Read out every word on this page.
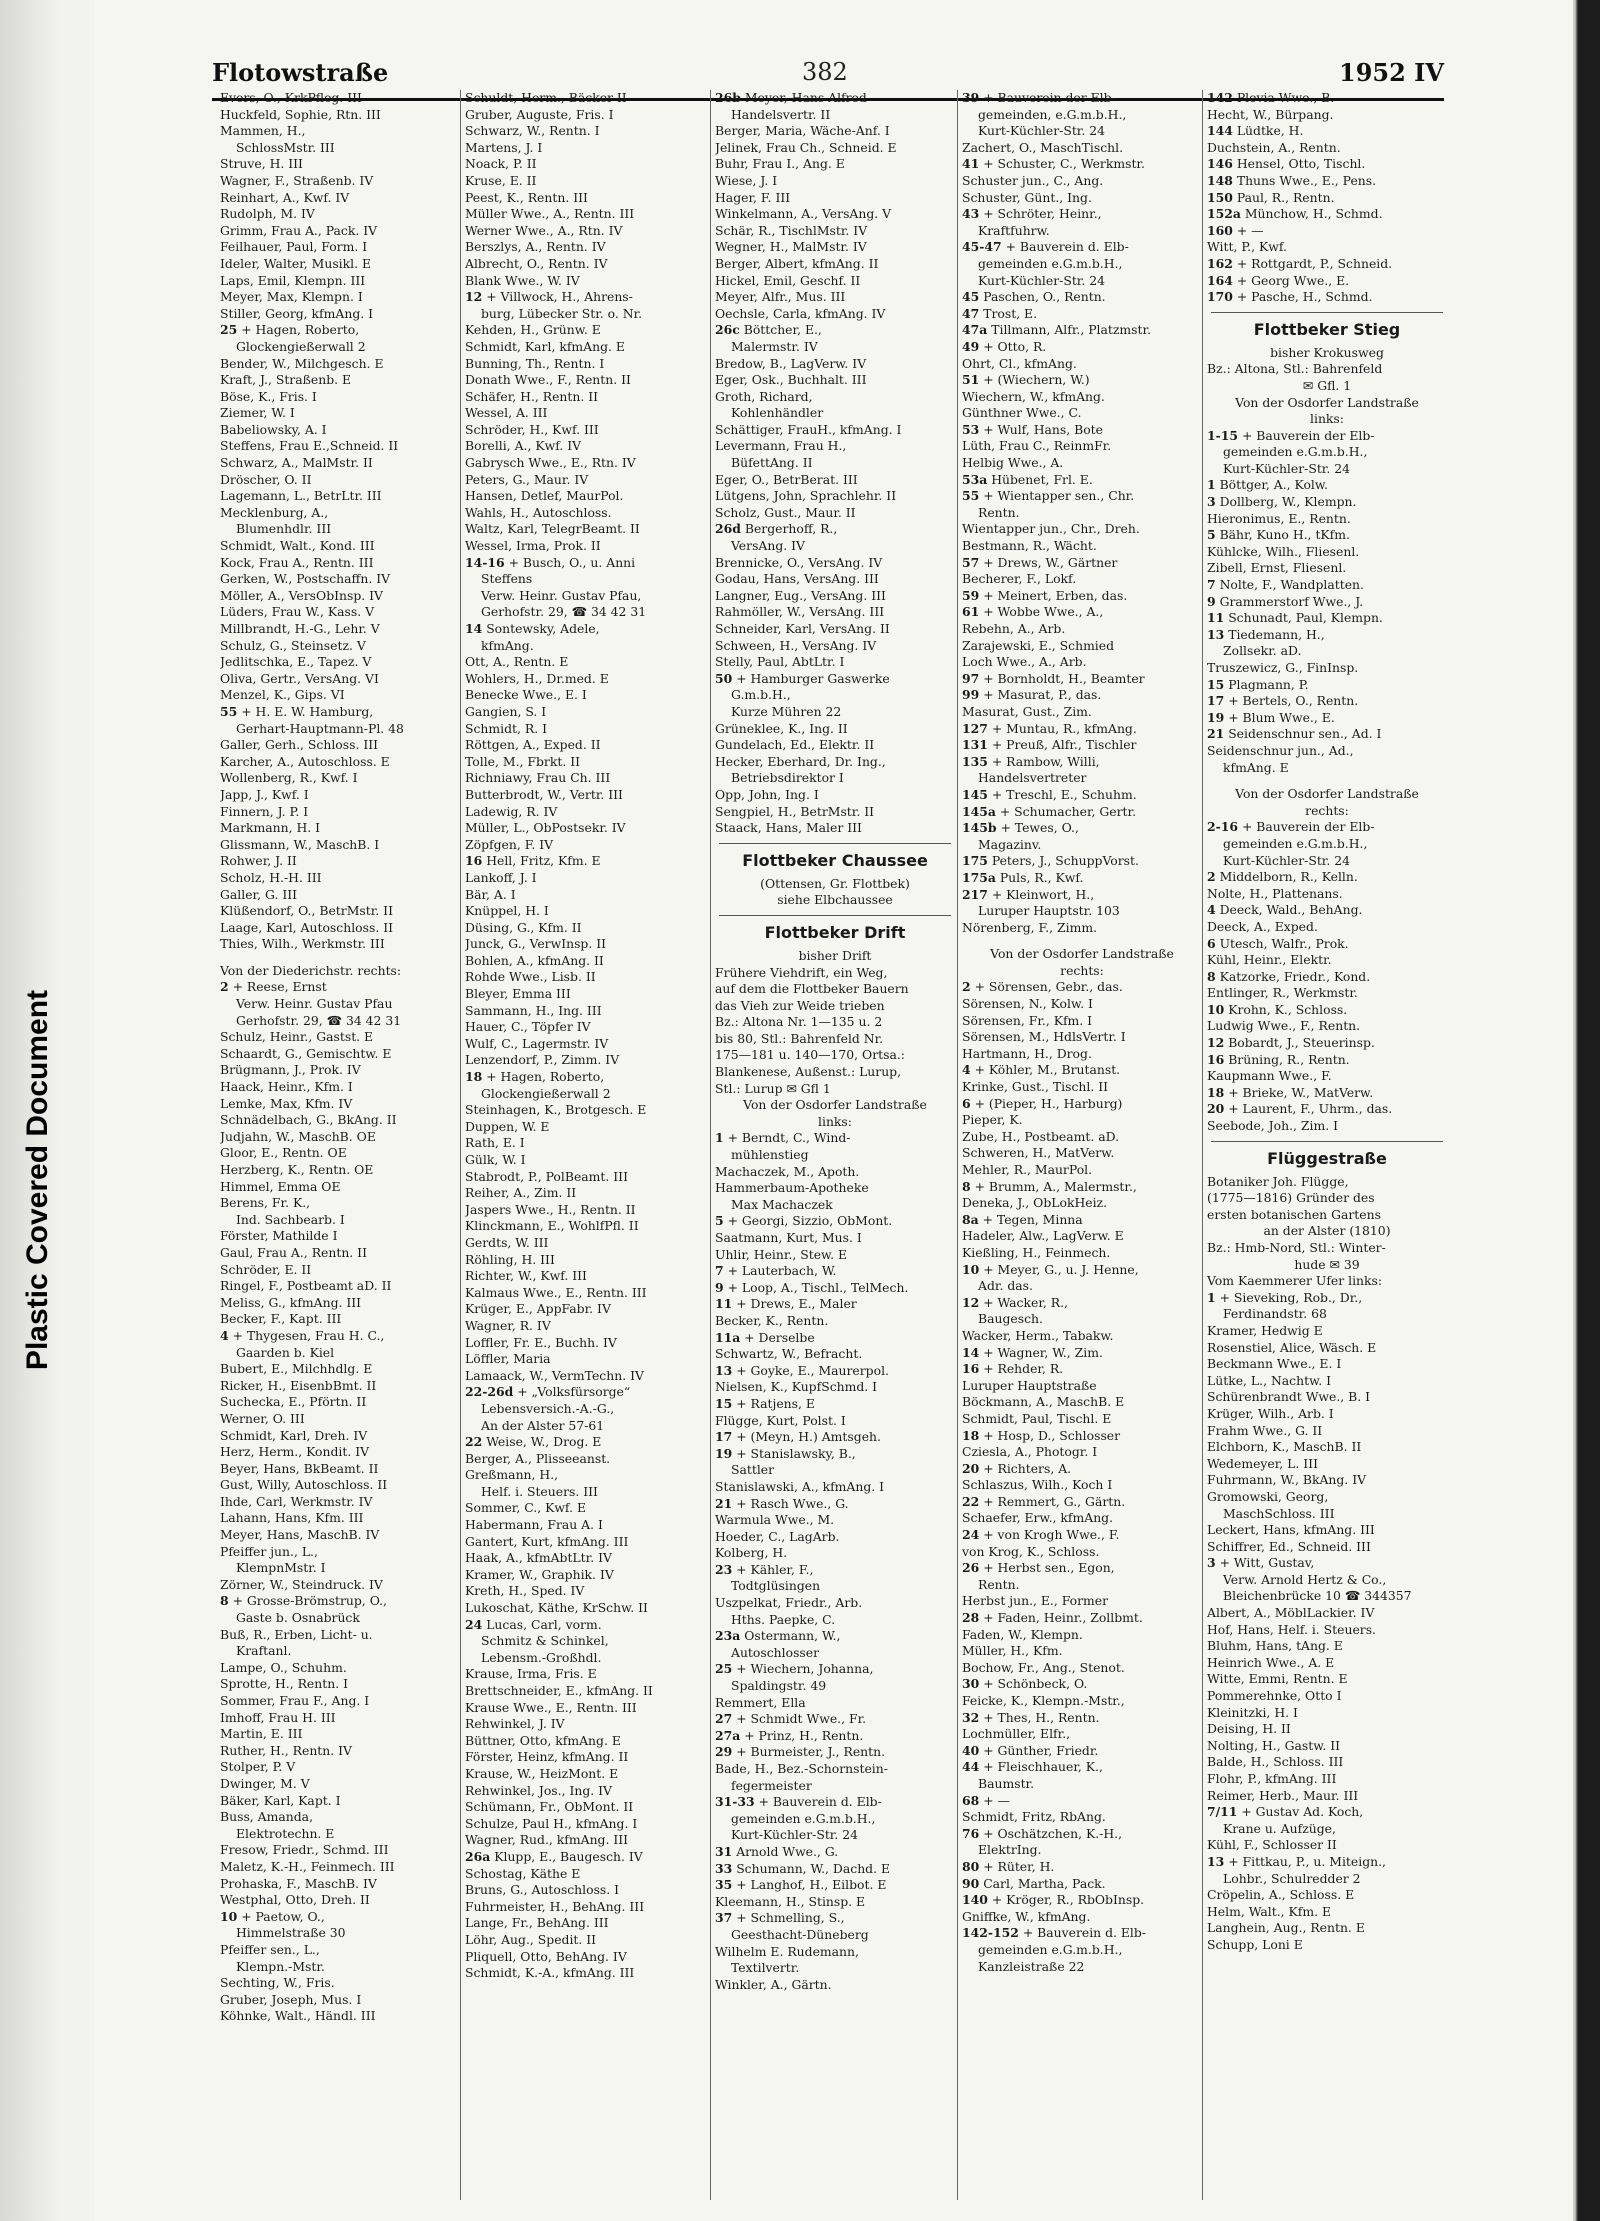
Plastic Covered Document
Flotowstraße	382	1952 IV
Evers, O., KrkPfleg. III
Huckfeld, Sophie, Rtn. III
Mammen, H.,
SchlossMstr. III
Struve, H. III
Wagner, F., Straßenb. IV
Reinhart, A., Kwf. IV
Rudolph, M. IV
Grimm, Frau A., Pack. IV
Feilhauer, Paul, Form. I
Ideler, Walter, Musikl. E
Laps, Emil, Klempn. III
Meyer, Max, Klempn. I
Stiller, Georg, kfmAng. I
25 + Hagen, Roberto,
Glockengießerwall 2
Bender, W., Milchgesch. E
Kraft, J., Straßenb. E
Böse, K., Fris. I
Ziemer, W. I
Babeliowsky, A. I
Steffens, Frau E.,Schneid. II
Schwarz, A., MalMstr. II
Dröscher, O. II
Lagemann, L., BetrLtr. III
Mecklenburg, A.,
Blumenhdlr. III
Schmidt, Walt., Kond. III
Kock, Frau A., Rentn. III
Gerken, W., Postschaffn. IV
Möller, A., VersObInsp. IV
Lüders, Frau W., Kass. V
Millbrandt, H.-G., Lehr. V
Schulz, G., Steinsetz. V
Jedlitschka, E., Tapez. V
Oliva, Gertr., VersAng. VI
Menzel, K., Gips. VI
55 + H. E. W. Hamburg,
Gerhart-Hauptmann-Pl. 48
Galler, Gerh., Schloss. III
Karcher, A., Autoschloss. E
Wollenberg, R., Kwf. I
Japp, J., Kwf. I
Finnern, J. P. I
Markmann, H. I
Glissmann, W., MaschB. I
Rohwer, J. II
Scholz, H.-H. III
Galler, G. III
Klüßendorf, O., BetrMstr. II
Laage, Karl, Autoschloss. II
Thies, Wilh., Werkmstr. III
Von der Diederichstr. rechts:
2 + Reese, Ernst
Verw. Heinr. Gustav Pfau
Gerhofstr. 29, ☎ 34 42 31
Schulz, Heinr., Gastst. E
Schaardt, G., Gemischtw. E
Brügmann, J., Prok. IV
Haack, Heinr., Kfm. I
Lemke, Max, Kfm. IV
Schnädelbach, G., BkAng. II
Judjahn, W., MaschB. OE
Gloor, E., Rentn. OE
Herzberg, K., Rentn. OE
Himmel, Emma OE
Berens, Fr. K.,
Ind. Sachbearb. I
Förster, Mathilde I
Gaul, Frau A., Rentn. II
Schröder, E. II
Ringel, F., Postbeamt aD. II
Meliss, G., kfmAng. III
Becker, F., Kapt. III
4 + Thygesen, Frau H. C.,
Gaarden b. Kiel
Bubert, E., Milchhdlg. E
Ricker, H., EisenbBmt. II
Suchecka, E., Pförtn. II
Werner, O. III
Schmidt, Karl, Dreh. IV
Herz, Herm., Kondit. IV
Beyer, Hans, BkBeamt. II
Gust, Willy, Autoschloss. II
Ihde, Carl, Werkmstr. IV
Lahann, Hans, Kfm. III
Meyer, Hans, MaschB. IV
Pfeiffer jun., L.,
KlempnMstr. I
Zörner, W., Steindruck. IV
8 + Grosse-Brömstrup, O.,
Gaste b. Osnabrück
Buß, R., Erben, Licht- u.
Kraftanl.
Lampe, O., Schuhm.
Sprotte, H., Rentn. I
Sommer, Frau F., Ang. I
Imhoff, Frau H. III
Martin, E. III
Ruther, H., Rentn. IV
Stolper, P. V
Dwinger, M. V
Bäker, Karl, Kapt. I
Buss, Amanda,
Elektrotechn. E
Fresow, Friedr., Schmd. III
Maletz, K.-H., Feinmech. III
Prohaska, F., MaschB. IV
Westphal, Otto, Dreh. II
10 + Paetow, O.,
Himmelstraße 30
Pfeiffer sen., L.,
Klempn.-Mstr.
Sechting, W., Fris.
Gruber, Joseph, Mus. I
Köhnke, Walt., Händl. III
Schuldt, Herm., Bäcker II
Gruber, Auguste, Fris. I
Schwarz, W., Rentn. I
Martens, J. I
Noack, P. II
Kruse, E. II
Peest, K., Rentn. III
Müller Wwe., A., Rentn. III
Werner Wwe., A., Rtn. IV
Berszlys, A., Rentn. IV
Albrecht, O., Rentn. IV
Blank Wwe., W. IV
12 + Villwock, H., Ahrens-
burg, Lübecker Str. o. Nr.
Kehden, H., Grünw. E
Schmidt, Karl, kfmAng. E
Bunning, Th., Rentn. I
Donath Wwe., F., Rentn. II
Schäfer, H., Rentn. II
Wessel, A. III
Schröder, H., Kwf. III
Borelli, A., Kwf. IV
Gabrysch Wwe., E., Rtn. IV
Peters, G., Maur. IV
Hansen, Detlef, MaurPol.
Wahls, H., Autoschloss.
Waltz, Karl, TelegrBeamt. II
Wessel, Irma, Prok. II
14-16 + Busch, O., u. Anni
Steffens
Verw. Heinr. Gustav Pfau,
Gerhofstr. 29, ☎ 34 42 31
14 Sontewsky, Adele,
kfmAng.
Ott, A., Rentn. E
Wohlers, H., Dr.med. E
Benecke Wwe., E. I
Gangien, S. I
Schmidt, R. I
Röttgen, A., Exped. II
Tolle, M., Fbrkt. II
Richniawy, Frau Ch. III
Butterbrodt, W., Vertr. III
Ladewig, R. IV
Müller, L., ObPostsekr. IV
Zöpfgen, F. IV
16 Hell, Fritz, Kfm. E
Lankoff, J. I
Bär, A. I
Knüppel, H. I
Düsing, G., Kfm. II
Junck, G., VerwInsp. II
Bohlen, A., kfmAng. II
Rohde Wwe., Lisb. II
Bleyer, Emma III
Sammann, H., Ing. III
Hauer, C., Töpfer IV
Wulf, C., Lagermstr. IV
Lenzendorf, P., Zimm. IV
18 + Hagen, Roberto,
Glockengießerwall 2
Steinhagen, K., Brotgesch. E
Duppen, W. E
Rath, E. I
Gülk, W. I
Stabrodt, P., PolBeamt. III
Reiher, A., Zim. II
Jaspers Wwe., H., Rentn. II
Klinckmann, E., WohlfPfl. II
Gerdts, W. III
Röhling, H. III
Richter, W., Kwf. III
Kalmaus Wwe., E., Rentn. III
Krüger, E., AppFabr. IV
Wagner, R. IV
Loffler, Fr. E., Buchh. IV
Löffler, Maria
Lamaack, W., VermTechn. IV
22-26d + „Volksfürsorge“
Lebensversich.-A.-G.,
An der Alster 57-61
22 Weise, W., Drog. E
Berger, A., Plisseeanst.
Greßmann, H.,
Helf. i. Steuers. III
Sommer, C., Kwf. E
Habermann, Frau A. I
Gantert, Kurt, kfmAng. III
Haak, A., kfmAbtLtr. IV
Kramer, W., Graphik. IV
Kreth, H., Sped. IV
Lukoschat, Käthe, KrSchw. II
24 Lucas, Carl, vorm.
Schmitz & Schinkel,
Lebensm.-Großhdl.
Krause, Irma, Fris. E
Brettschneider, E., kfmAng. II
Krause Wwe., E., Rentn. III
Rehwinkel, J. IV
Büttner, Otto, kfmAng. E
Förster, Heinz, kfmAng. II
Krause, W., HeizMont. E
Rehwinkel, Jos., Ing. IV
Schümann, Fr., ObMont. II
Schulze, Paul H., kfmAng. I
Wagner, Rud., kfmAng. III
26a Klupp, E., Baugesch. IV
Schostag, Käthe E
Bruns, G., Autoschloss. I
Fuhrmeister, H., BehAng. III
Lange, Fr., BehAng. III
Löhr, Aug., Spedit. II
Pliquell, Otto, BehAng. IV
Schmidt, K.-A., kfmAng. III
26b Meyer, Hans Alfred
Handelsvertr. II
Berger, Maria, Wäche-Anf. I
Jelinek, Frau Ch., Schneid. E
Buhr, Frau I., Ang. E
Wiese, J. I
Hager, F. III
Winkelmann, A., VersAng. V
Schär, R., TischlMstr. IV
Wegner, H., MalMstr. IV
Berger, Albert, kfmAng. II
Hickel, Emil, Geschf. II
Meyer, Alfr., Mus. III
Oechsle, Carla, kfmAng. IV
26c Böttcher, E.,
Malermstr. IV
Bredow, B., LagVerw. IV
Eger, Osk., Buchhalt. III
Groth, Richard,
Kohlenhändler
Schättiger, FrauH., kfmAng. I
Levermann, Frau H.,
BüfettAng. II
Eger, O., BetrBerat. III
Lütgens, John, Sprachlehr. II
Scholz, Gust., Maur. II
26d Bergerhoff, R.,
VersAng. IV
Brennicke, O., VersAng. IV
Godau, Hans, VersAng. III
Langner, Eug., VersAng. III
Rahmöller, W., VersAng. III
Schneider, Karl, VersAng. II
Schween, H., VersAng. IV
Stelly, Paul, AbtLtr. I
50 + Hamburger Gaswerke
G.m.b.H.,
Kurze Mühren 22
Grüneklee, K., Ing. II
Gundelach, Ed., Elektr. II
Hecker, Eberhard, Dr. Ing.,
Betriebsdirektor I
Opp, John, Ing. I
Sengpiel, H., BetrMstr. II
Staack, Hans, Maler III
Flottbeker Chaussee
(Ottensen, Gr. Flottbek)
siehe Elbchaussee
Flottbeker Drift
bisher Drift
Frühere Viehdrift, ein Weg,
auf dem die Flottbeker Bauern
das Vieh zur Weide trieben
Bz.: Altona Nr. 1—135 u. 2
bis 80, Stl.: Bahrenfeld Nr.
175—181 u. 140—170, Ortsa.:
Blankenese, Außenst.: Lurup,
Stl.: Lurup ✉ Gfl 1
Von der Osdorfer Landstraße
links:
1 + Berndt, C., Wind-
mühlenstieg
Machaczek, M., Apoth.
Hammerbaum-Apotheke
Max Machaczek
5 + Georgi, Sizzio, ObMont.
Saatmann, Kurt, Mus. I
Uhlir, Heinr., Stew. E
7 + Lauterbach, W.
9 + Loop, A., Tischl., TelMech.
11 + Drews, E., Maler
Becker, K., Rentn.
11a + Derselbe
Schwartz, W., Befracht.
13 + Goyke, E., Maurerpol.
Nielsen, K., KupfSchmd. I
15 + Ratjens, E
Flügge, Kurt, Polst. I
17 + (Meyn, H.) Amtsgeh.
19 + Stanislawsky, B.,
Sattler
Stanislawski, A., kfmAng. I
21 + Rasch Wwe., G.
Warmula Wwe., M.
Hoeder, C., LagArb.
Kolberg, H.
23 + Kähler, F.,
Todtglüsingen
Uszpelkat, Friedr., Arb.
Hths. Paepke, C.
23a Ostermann, W.,
Autoschlosser
25 + Wiechern, Johanna,
Spaldingstr. 49
Remmert, Ella
27 + Schmidt Wwe., Fr.
27a + Prinz, H., Rentn.
29 + Burmeister, J., Rentn.
Bade, H., Bez.-Schornstein-
fegermeister
31-33 + Bauverein d. Elb-
gemeinden e.G.m.b.H.,
Kurt-Küchler-Str. 24
31 Arnold Wwe., G.
33 Schumann, W., Dachd. E
35 + Langhof, H., Eilbot. E
Kleemann, H., Stinsp. E
37 + Schmelling, S.,
Geesthacht-Düneberg
Wilhelm E. Rudemann,
Textilvertr.
Winkler, A., Gärtn.
39 + Bauverein der Elb-
gemeinden, e.G.m.b.H.,
Kurt-Küchler-Str. 24
Zachert, O., MaschTischl.
41 + Schuster, C., Werkmstr.
Schuster jun., C., Ang.
Schuster, Günt., Ing.
43 + Schröter, Heinr.,
Kraftfuhrw.
45-47 + Bauverein d. Elb-
gemeinden e.G.m.b.H.,
Kurt-Küchler-Str. 24
45 Paschen, O., Rentn.
47 Trost, E.
47a Tillmann, Alfr., Platzmstr.
49 + Otto, R.
Ohrt, Cl., kfmAng.
51 + (Wiechern, W.)
Wiechern, W., kfmAng.
Günthner Wwe., C.
53 + Wulf, Hans, Bote
Lüth, Frau C., ReinmFr.
Helbig Wwe., A.
53a Hübenet, Frl. E.
55 + Wientapper sen., Chr.
Rentn.
Wientapper jun., Chr., Dreh.
Bestmann, R., Wächt.
57 + Drews, W., Gärtner
Becherer, F., Lokf.
59 + Meinert, Erben, das.
61 + Wobbe Wwe., A.,
Rebehn, A., Arb.
Zarajewski, E., Schmied
Loch Wwe., A., Arb.
97 + Bornholdt, H., Beamter
99 + Masurat, P., das.
Masurat, Gust., Zim.
127 + Muntau, R., kfmAng.
131 + Preuß, Alfr., Tischler
135 + Rambow, Willi,
Handelsvertreter
145 + Treschl, E., Schuhm.
145a + Schumacher, Gertr.
145b + Tewes, O.,
Magazinv.
175 Peters, J., SchuppVorst.
175a Puls, R., Kwf.
217 + Kleinwort, H.,
Luruper Hauptstr. 103
Nörenberg, F., Zimm.
Von der Osdorfer Landstraße
rechts:
2 + Sörensen, Gebr., das.
Sörensen, N., Kolw. I
Sörensen, Fr., Kfm. I
Sörensen, M., HdlsVertr. I
Hartmann, H., Drog.
4 + Köhler, M., Brutanst.
Krinke, Gust., Tischl. II
6 + (Pieper, H., Harburg)
Pieper, K.
Zube, H., Postbeamt. aD.
Schweren, H., MatVerw.
Mehler, R., MaurPol.
8 + Brumm, A., Malermstr.,
Deneka, J., ObLokHeiz.
8a + Tegen, Minna
Hadeler, Alw., LagVerw. E
Kießling, H., Feinmech.
10 + Meyer, G., u. J. Henne,
Adr. das.
12 + Wacker, R.,
Baugesch.
Wacker, Herm., Tabakw.
14 + Wagner, W., Zim.
16 + Rehder, R.
Luruper Hauptstraße
Böckmann, A., MaschB. E
Schmidt, Paul, Tischl. E
18 + Hosp, D., Schlosser
Cziesla, A., Photogr. I
20 + Richters, A.
Schlaszus, Wilh., Koch I
22 + Remmert, G., Gärtn.
Schaefer, Erw., kfmAng.
24 + von Krogh Wwe., F.
von Krog, K., Schloss.
26 + Herbst sen., Egon,
Rentn.
Herbst jun., E., Former
28 + Faden, Heinr., Zollbmt.
Faden, W., Klempn.
Müller, H., Kfm.
Bochow, Fr., Ang., Stenot.
30 + Schönbeck, O.
Feicke, K., Klempn.-Mstr.,
32 + Thes, H., Rentn.
Lochmüller, Elfr.,
40 + Günther, Friedr.
44 + Fleischhauer, K.,
Baumstr.
68 + —
Schmidt, Fritz, RbAng.
76 + Oschätzchen, K.-H.,
ElektrIng.
80 + Rüter, H.
90 Carl, Martha, Pack.
140 + Kröger, R., RbObInsp.
Gniffke, W., kfmAng.
142-152 + Bauverein d. Elb-
gemeinden e.G.m.b.H.,
Kanzleistraße 22
142 Plevia Wwe., B.
Hecht, W., Bürpang.
144 Lüdtke, H.
Duchstein, A., Rentn.
146 Hensel, Otto, Tischl.
148 Thuns Wwe., E., Pens.
150 Paul, R., Rentn.
152a Münchow, H., Schmd.
160 + —
Witt, P., Kwf.
162 + Rottgardt, P., Schneid.
164 + Georg Wwe., E.
170 + Pasche, H., Schmd.
Flottbeker Stieg
bisher Krokusweg
Bz.: Altona, Stl.: Bahrenfeld
✉ Gfl. 1
Von der Osdorfer Landstraße
links:
1-15 + Bauverein der Elb-
gemeinden e.G.m.b.H.,
Kurt-Küchler-Str. 24
1 Böttger, A., Kolw.
3 Dollberg, W., Klempn.
Hieronimus, E., Rentn.
5 Bähr, Kuno H., tKfm.
Kühlcke, Wilh., Fliesenl.
Zibell, Ernst, Fliesenl.
7 Nolte, F., Wandplatten.
9 Grammerstorf Wwe., J.
11 Schunadt, Paul, Klempn.
13 Tiedemann, H.,
Zollsekr. aD.
Truszewicz, G., FinInsp.
15 Plagmann, P.
17 + Bertels, O., Rentn.
19 + Blum Wwe., E.
21 Seidenschnur sen., Ad. I
Seidenschnur jun., Ad.,
kfmAng. E
Von der Osdorfer Landstraße
rechts:
2-16 + Bauverein der Elb-
gemeinden e.G.m.b.H.,
Kurt-Küchler-Str. 24
2 Middelborn, R., Kelln.
Nolte, H., Plattenans.
4 Deeck, Wald., BehAng.
Deeck, A., Exped.
6 Utesch, Walfr., Prok.
Kühl, Heinr., Elektr.
8 Katzorke, Friedr., Kond.
Entlinger, R., Werkmstr.
10 Krohn, K., Schloss.
Ludwig Wwe., F., Rentn.
12 Bobardt, J., Steuerinsp.
16 Brüning, R., Rentn.
Kaupmann Wwe., F.
18 + Brieke, W., MatVerw.
20 + Laurent, F., Uhrm., das.
Seebode, Joh., Zim. I
Flüggestraße
Botaniker Joh. Flügge,
(1775—1816) Gründer des
ersten botanischen Gartens
an der Alster (1810)
Bz.: Hmb-Nord, Stl.: Winter-
hude ✉ 39
Vom Kaemmerer Ufer links:
1 + Sieveking, Rob., Dr.,
Ferdinandstr. 68
Kramer, Hedwig E
Rosenstiel, Alice, Wäsch. E
Beckmann Wwe., E. I
Lütke, L., Nachtw. I
Schürenbrandt Wwe., B. I
Krüger, Wilh., Arb. I
Frahm Wwe., G. II
Elchborn, K., MaschB. II
Wedemeyer, L. III
Fuhrmann, W., BkAng. IV
Gromowski, Georg,
MaschSchloss. III
Leckert, Hans, kfmAng. III
Schiffrer, Ed., Schneid. III
3 + Witt, Gustav,
Verw. Arnold Hertz & Co.,
Bleichenbrücke 10 ☎ 344357
Albert, A., MöblLackier. IV
Hof, Hans, Helf. i. Steuers.
Bluhm, Hans, tAng. E
Heinrich Wwe., A. E
Witte, Emmi, Rentn. E
Pommerehnke, Otto I
Kleinitzki, H. I
Deising, H. II
Nolting, H., Gastw. II
Balde, H., Schloss. III
Flohr, P., kfmAng. III
Reimer, Herb., Maur. III
7/11 + Gustav Ad. Koch,
Krane u. Aufzüge,
Kühl, F., Schlosser II
13 + Fittkau, P., u. Miteign.,
Lohbr., Schulredder 2
Cröpelin, A., Schloss. E
Helm, Walt., Kfm. E
Langhein, Aug., Rentn. E
Schupp, Loni E
